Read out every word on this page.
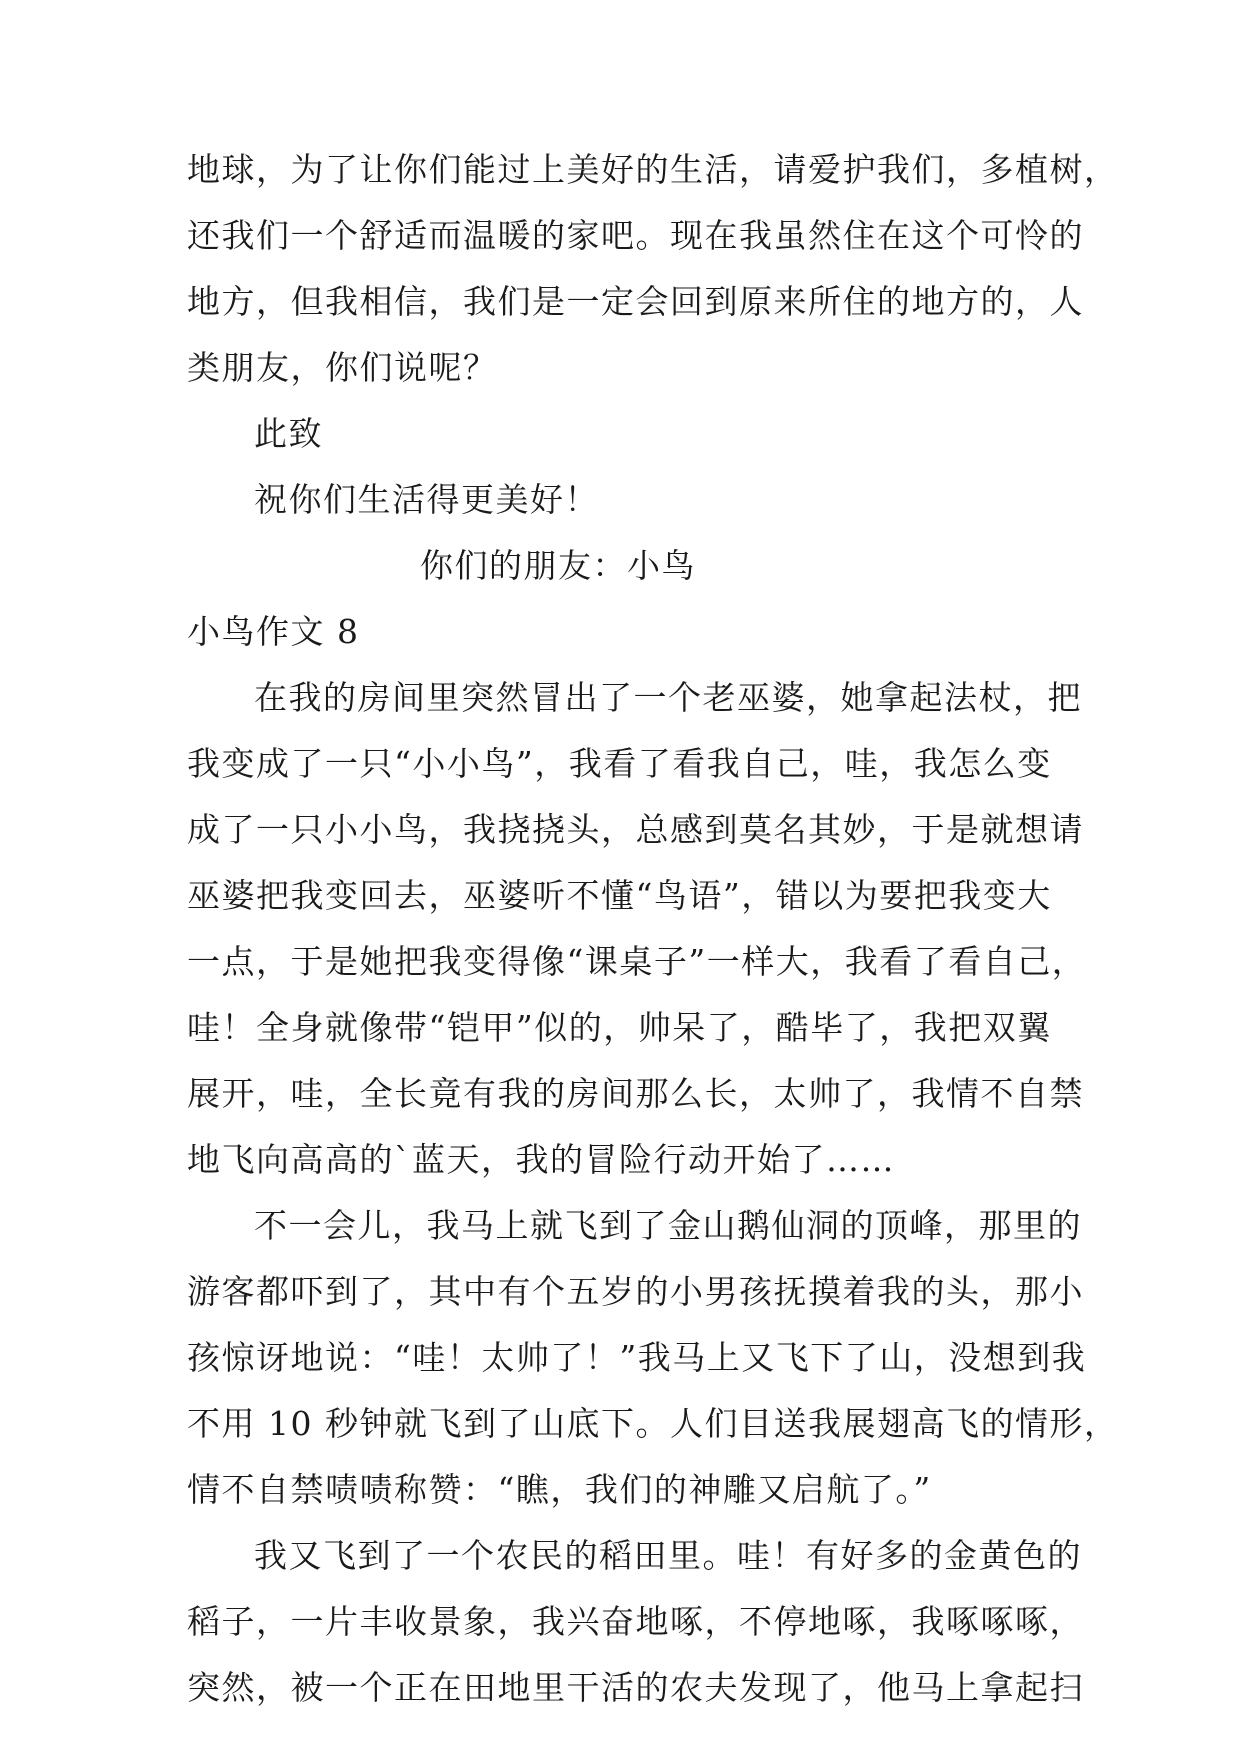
地球，为了让你们能过上美好的生活，请爱护我们，多植树，
还我们一个舒适而温暖的家吧。现在我虽然住在这个可怜的
地方，但我相信，我们是一定会回到原来所住的地方的，人
类朋友，你们说呢？
此致
祝你们生活得更美好！
你们的朋友：小鸟
小鸟作文 8
在我的房间里突然冒出了一个老巫婆，她拿起法杖，把
我变成了一只“小小鸟”，我看了看我自己，哇，我怎么变
成了一只小小鸟，我挠挠头，总感到莫名其妙，于是就想请
巫婆把我变回去，巫婆听不懂“鸟语”，错以为要把我变大
一点，于是她把我变得像“课桌子”一样大，我看了看自己，
哇！全身就像带“铠甲”似的，帅呆了，酷毕了，我把双翼
展开，哇，全长竟有我的房间那么长，太帅了，我情不自禁
地飞向高高的`蓝天，我的冒险行动开始了……
不一会儿，我马上就飞到了金山鹅仙洞的顶峰，那里的
游客都吓到了，其中有个五岁的小男孩抚摸着我的头，那小
孩惊讶地说：“哇！太帅了！”我马上又飞下了山，没想到我
不用 10 秒钟就飞到了山底下。人们目送我展翅高飞的情形，
情不自禁啧啧称赞：“瞧，我们的神雕又启航了。”
我又飞到了一个农民的稻田里。哇！有好多的金黄色的
稻子，一片丰收景象，我兴奋地啄，不停地啄，我啄啄啄，
突然，被一个正在田地里干活的农夫发现了，他马上拿起扫
